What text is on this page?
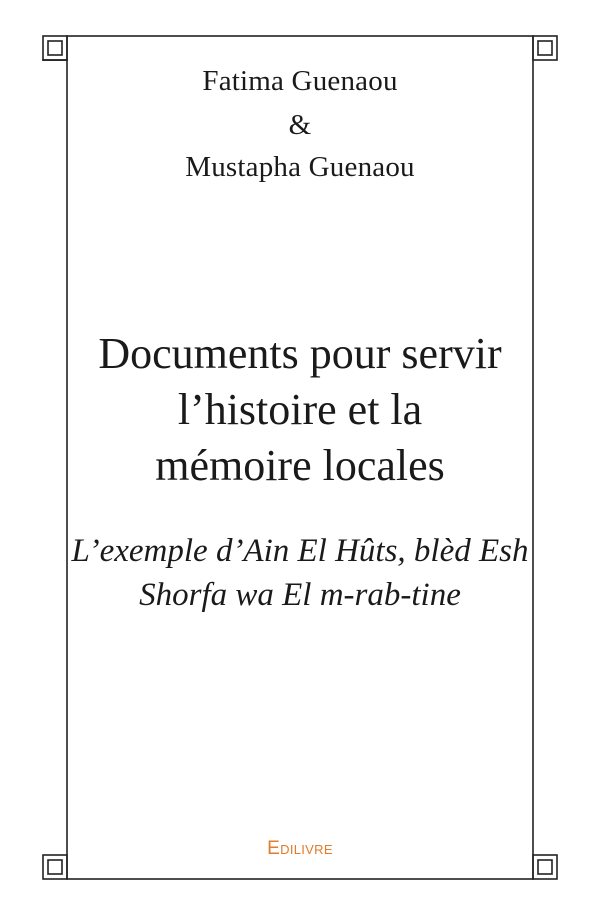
Fatima Guenaou
&
Mustapha Guenaou
Documents pour servir
l’histoire et la
mémoire locales
L’exemple d’Ain El Hûts, blèd Esh
Shorfa wa El m-rab-tine
Edilivre
